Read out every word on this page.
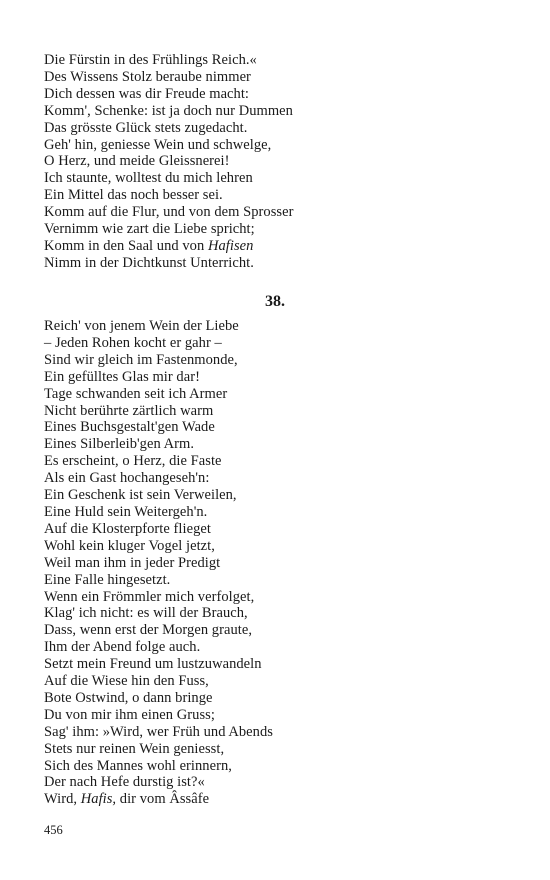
Die Fürstin in des Frühlings Reich.«
Des Wissens Stolz beraube nimmer
Dich dessen was dir Freude macht:
Komm', Schenke: ist ja doch nur Dummen
Das grösste Glück stets zugedacht.
Geh' hin, geniesse Wein und schwelge,
O Herz, und meide Gleissnerei!
Ich staunte, wolltest du mich lehren
Ein Mittel das noch besser sei.
Komm auf die Flur, und von dem Sprosser
Vernimm wie zart die Liebe spricht;
Komm in den Saal und von Hafisen
Nimm in der Dichtkunst Unterricht.
38.
Reich' von jenem Wein der Liebe
– Jeden Rohen kocht er gahr –
Sind wir gleich im Fastenmonde,
Ein gefülltes Glas mir dar!
Tage schwanden seit ich Armer
Nicht berührte zärtlich warm
Eines Buchsgestalt'gen Wade
Eines Silberleib'gen Arm.
Es erscheint, o Herz, die Faste
Als ein Gast hochangeseh'n:
Ein Geschenk ist sein Verweilen,
Eine Huld sein Weitergeh'n.
Auf die Klosterpforte flieget
Wohl kein kluger Vogel jetzt,
Weil man ihm in jeder Predigt
Eine Falle hingesetzt.
Wenn ein Frömmler mich verfolget,
Klag' ich nicht: es will der Brauch,
Dass, wenn erst der Morgen graute,
Ihm der Abend folge auch.
Setzt mein Freund um lustzuwandeln
Auf die Wiese hin den Fuss,
Bote Ostwind, o dann bringe
Du von mir ihm einen Gruss;
Sag' ihm: »Wird, wer Früh und Abends
Stets nur reinen Wein geniesst,
Sich des Mannes wohl erinnern,
Der nach Hefe durstig ist?«
Wird, Hafis, dir vom Âssâfe
456
